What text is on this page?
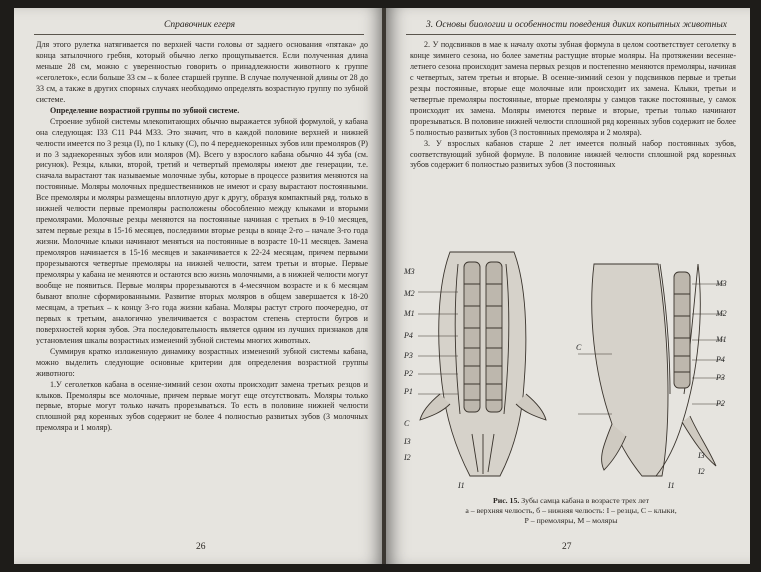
Справочник егеря

Для этого рулетка натягивается по верхней части головы от заднего основания «пятака» до конца затылочного гребня, который обычно легко прощупывается. Если полученная длина меньше 28 см, можно с уверенностью говорить о принадлежности животного к группе «сеголеток», если больше 33 см – к более старшей группе. В случае полученной длины от 28 до 33 см, а также в других спорных случаях необходимо определять возрастную группу по зубной системе.

Определение возрастной группы по зубной системе.

Строение зубной системы млекопитающих обычно выражается зубной формулой, у кабана она следующая: I33 C11 P44 M33. Это значит, что в каждой половине верхней и нижней челюсти имеется по 3 резца (I), по 1 клыку (C), по 4 переднекоренных зубов или премоляров (P) и по 3 заднекоренных зубов или моляров (M). Всего у взрослого кабана обычно 44 зуба (см. рисунок). Резцы, клыки, второй, третий и четвертый премоляры имеют две генерации, т.е. сначала вырастают так называемые молочные зубы, которые в процессе развития меняются на постоянные. Моляры молочных предшественников не имеют и сразу вырастают постоянными. Все премоляры и моляры размещены вплотную друг к другу, образуя компактный ряд, только в нижней челюсти первые премоляры расположены обособленно между клыками и вторыми премолярами. Молочные резцы меняются на постоянные начиная с третьих в 9-10 месяцев, затем первые резцы в 15-16 месяцев, последними вторые резцы в конце 2-го – начале 3-го года жизни. Молочные клыки начинают меняться на постоянные в возрасте 10-11 месяцев. Замена премоляров начинается в 15-16 месяцев и заканчивается к 22-24 месяцам, причем первыми прорезываются четвертые премоляры на нижней челюсти, затем третьи и вторые. Первые премоляры у кабана не меняются и остаются всю жизнь молочными, а в нижней челюсти могут вообще не появиться. Первые моляры прорезываются в 4-месячном возрасте и к 6 месяцам бывают вполне сформированными. Развитие вторых моляров в общем завершается к 18-20 месяцам, а третьих – к концу 3-го года жизни кабана. Моляры растут строго поочередно, от первых к третьим, аналогично увеличивается с возрастом степень стертости бугров и поверхностей корня зубов. Эта последовательность является одним из лучших признаков для установления шкалы возрастных изменений зубной системы многих животных.

Суммируя кратко изложенную динамику возрастных изменений зубной системы кабана, можно выделить следующие основные критерии для определения возрастной группы животного:

1.У сеголетков кабана в осенне-зимний сезон охоты происходит замена третьих резцов и клыков. Премоляры все молочные, причем первые могут еще отсутствовать. Моляры только первые, вторые могут только начать прорезываться. То есть в половине нижней челюсти сплошной ряд коренных зубов содержит не более 4 полностью развитых зубов (3 молочных премоляра и 1 моляр).

26
3. Основы биологии и особенности поведения диких копытных животных

2. У подсвинков в мае к началу охоты зубная формула в целом соответствует сеголетку в конце зимнего сезона, но более заметны растущие вторые моляры. На протяжении весенне-летнего сезона происходит замена первых резцов и постепенно меняются премоляры, начиная с четвертых, затем третьи и вторые. В осенне-зимний сезон у подсвинков первые и третьи резцы постоянные, вторые еще молочные или происходит их замена. Клыки, третьи и четвертые премоляры постоянные, вторые премоляры у самцов также постоянные, у самок происходит их замена. Моляры имеются первые и вторые, третьи только начинают прорезываться. В половине нижней челюсти сплошной ряд коренных зубов содержит не более 5 полностью развитых зубов (3 постоянных премоляра и 2 моляра).

3. У взрослых кабанов старше 2 лет имеется полный набор постоянных зубов, соответствующий зубной формуле. В половине нижней челюсти сплошной ряд коренных зубов содержит 6 полностью развитых зубов (3 постоянных

M3
M2
M1
P4
P3
P2
P1
C
I3
I2
I1
M3
M2
M1
P4
P3
P2
C
I3
I2
I1
Рис. 15. Зубы самца кабана в возрасте трех лет
а – верхняя челюсть, б – нижняя челюсть: I – резцы, С – клыки,
Р – премоляры, М – моляры
27
